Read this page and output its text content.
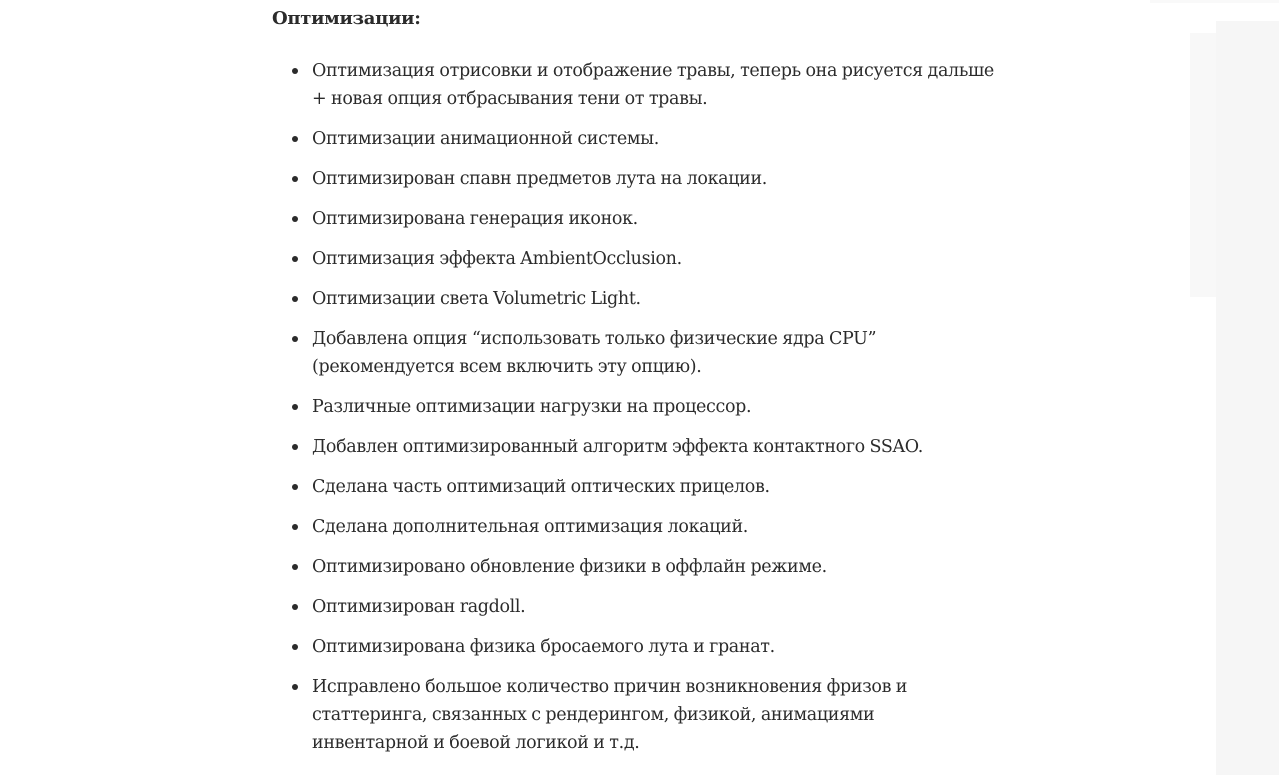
Оптимизации:
Оптимизация отрисовки и отображение травы, теперь она рисуется дальше
+ новая опция отбрасывания тени от травы.
Оптимизации анимационной системы.
Оптимизирован спавн предметов лута на локации.
Оптимизирована генерация иконок.
Оптимизация эффекта AmbientOcclusion.
Оптимизации света Volumetric Light.
Добавлена опция “использовать только физические ядра CPU”
(рекомендуется всем включить эту опцию).
Различные оптимизации нагрузки на процессор.
Добавлен оптимизированный алгоритм эффекта контактного SSAO.
Сделана часть оптимизаций оптических прицелов.
Сделана дополнительная оптимизация локаций.
Оптимизировано обновление физики в оффлайн режиме.
Оптимизирован ragdoll.
Оптимизирована физика бросаемого лута и гранат.
Исправлено большое количество причин возникновения фризов и
статтеринга, связанных с рендерингом, физикой, анимациями
инвентарной и боевой логикой и т.д.
